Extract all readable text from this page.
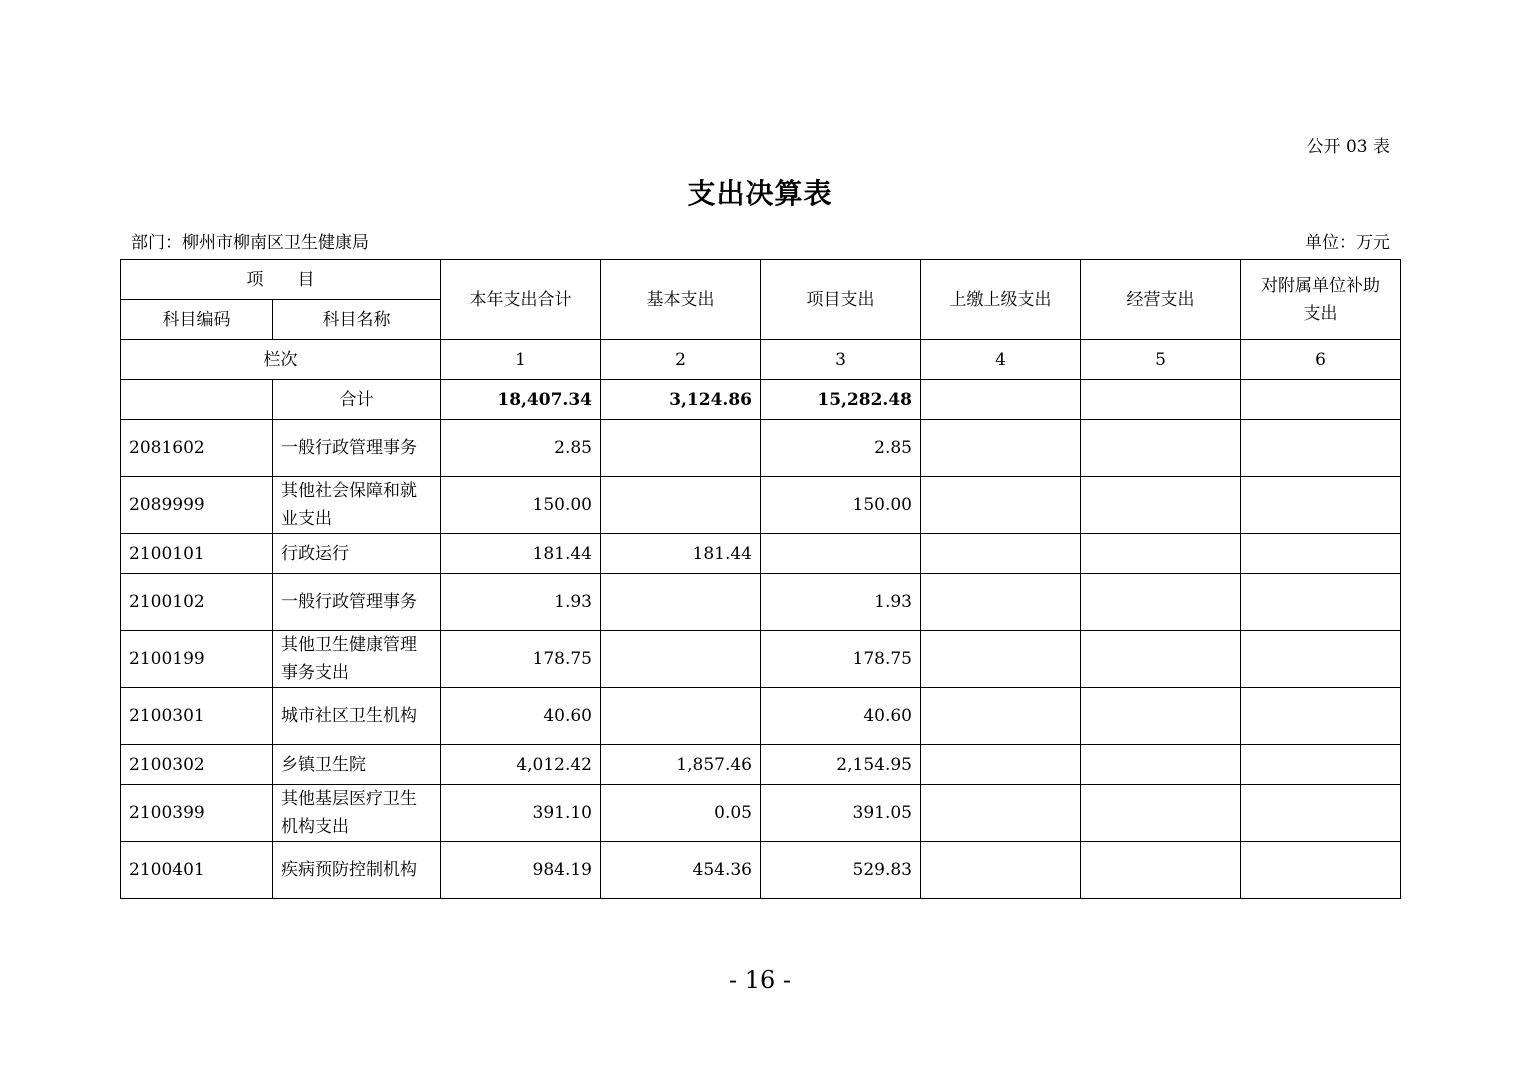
公开 03 表
支出决算表
部门：柳州市柳南区卫生健康局	单位：万元
项　　目		本年支出合计	基本支出	项目支出	上缴上级支出	经营支出	对附属单位补助支出
科目编码	科目名称						
栏次		1	2	3	4	5	6
	合计	18,407.34	3,124.86	15,282.48			
2081602	一般行政管理事务	2.85		2.85			
2089999	其他社会保障和就业支出	150.00		150.00			
2100101	行政运行	181.44	181.44				
2100102	一般行政管理事务	1.93		1.93			
2100199	其他卫生健康管理事务支出	178.75		178.75			
2100301	城市社区卫生机构	40.60		40.60			
2100302	乡镇卫生院	4,012.42	1,857.46	2,154.95			
2100399	其他基层医疗卫生机构支出	391.10	0.05	391.05			
2100401	疾病预防控制机构	984.19	454.36	529.83			
- 16 -
